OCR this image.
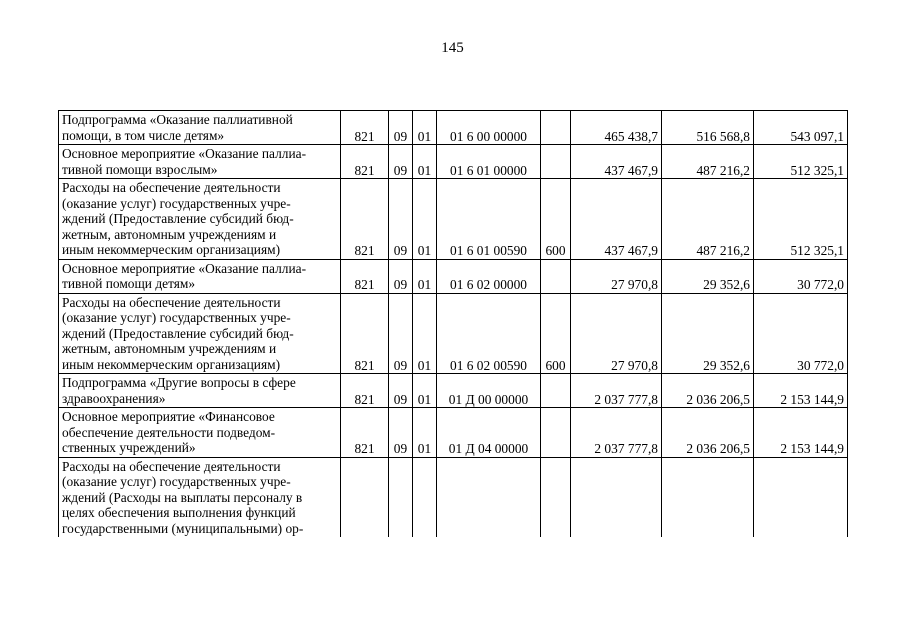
145
Подпрограмма «Оказание паллиативной
помощи, в том числе детям»	821	09	01	01 6 00 00000		465 438,7	516 568,8	543 097,1

Основное мероприятие «Оказание паллиа-
тивной помощи взрослым»	821	09	01	01 6 01 00000		437 467,9	487 216,2	512 325,1

Расходы на обеспечение деятельности
(оказание услуг) государственных учре-
ждений (Предоставление субсидий бюд-
жетным, автономным учреждениям и
иным некоммерческим организациям)	821	09	01	01 6 01 00590	600	437 467,9	487 216,2	512 325,1

Основное мероприятие «Оказание паллиа-
тивной помощи детям»	821	09	01	01 6 02 00000		27 970,8	29 352,6	30 772,0

Расходы на обеспечение деятельности
(оказание услуг) государственных учре-
ждений (Предоставление субсидий бюд-
жетным, автономным учреждениям и
иным некоммерческим организациям)	821	09	01	01 6 02 00590	600	27 970,8	29 352,6	30 772,0

Подпрограмма «Другие вопросы в сфере
здравоохранения»	821	09	01	01 Д 00 00000		2 037 777,8	2 036 206,5	2 153 144,9

Основное мероприятие «Финансовое
обеспечение деятельности подведом-
ственных учреждений»	821	09	01	01 Д 04 00000		2 037 777,8	2 036 206,5	2 153 144,9

Расходы на обеспечение деятельности
(оказание услуг) государственных учре-
ждений (Расходы на выплаты персоналу в
целях обеспечения выполнения функций
государственными (муниципальными) ор-								
